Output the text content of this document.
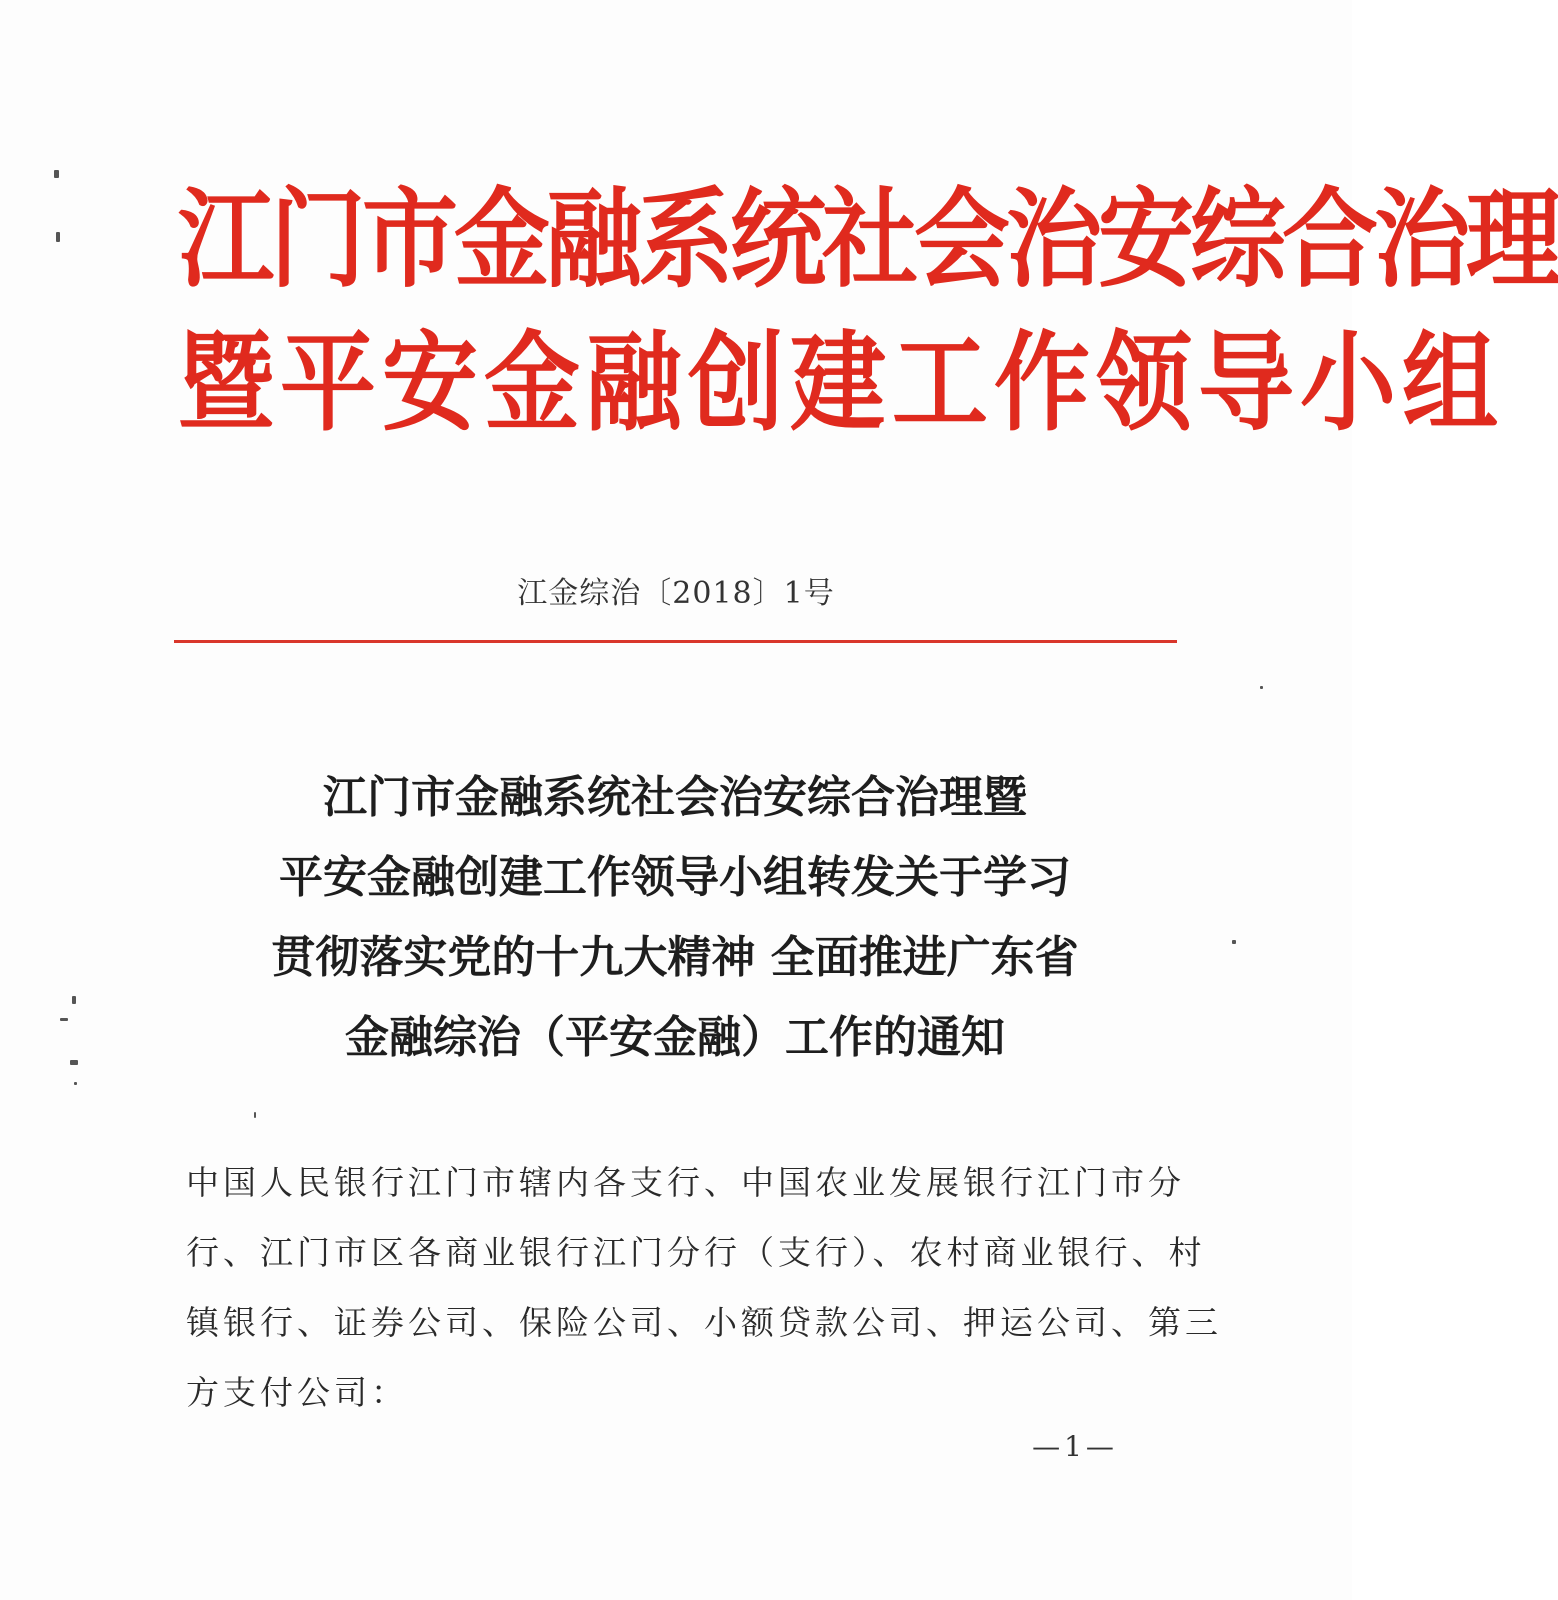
江门市金融系统社会治安综合治理
暨平安金融创建工作领导小组
江金综治〔2018〕1号
江门市金融系统社会治安综合治理暨
平安金融创建工作领导小组转发关于学习
贯彻落实党的十九大精神 全面推进广东省
金融综治（平安金融）工作的通知
中国人民银行江门市辖内各支行、中国农业发展银行江门市分
行、江门市区各商业银行江门分行（支行）、农村商业银行、村
镇银行、证券公司、保险公司、小额贷款公司、押运公司、第三
方支付公司：
—1—
